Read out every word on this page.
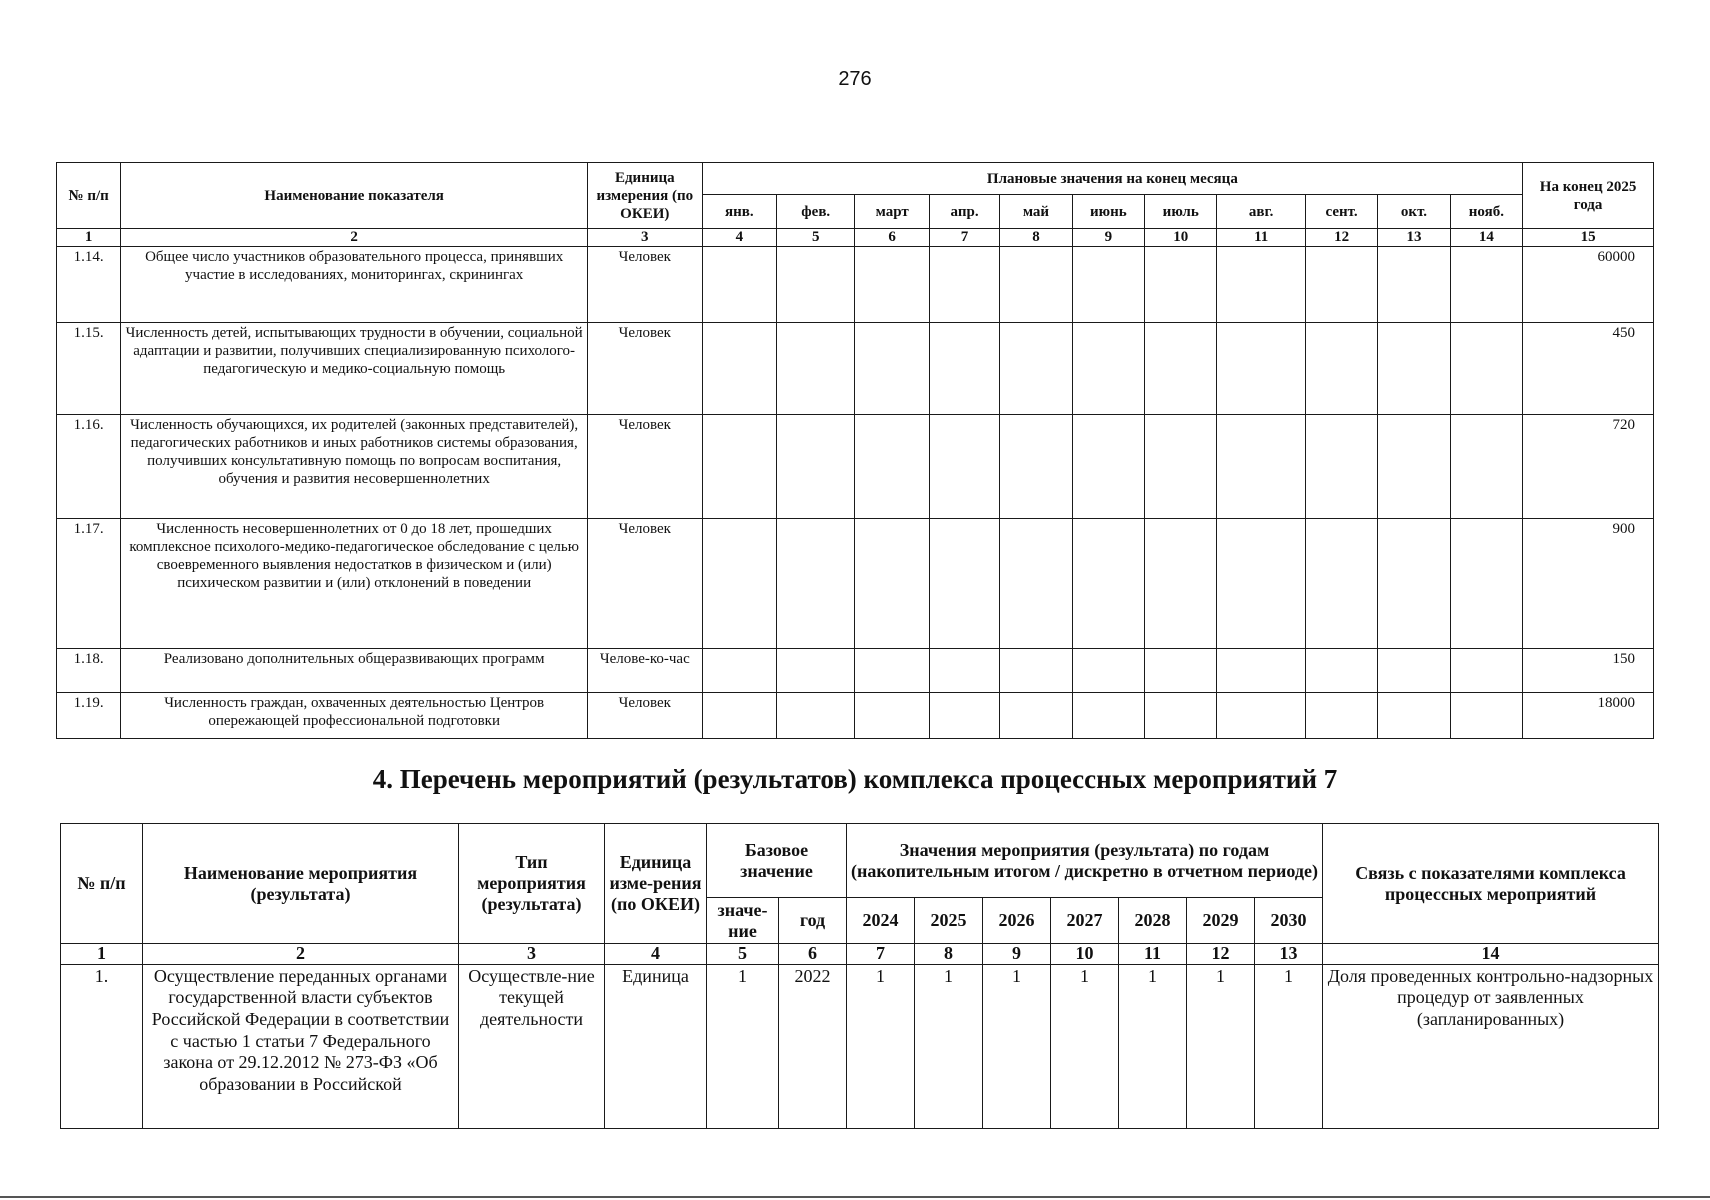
276
№ п/п	Наименование показателя	Единица измерения (по ОКЕИ)	Плановые значения на конец месяца											На конец 2025 года
			янв.	фев.	март	апр.	май	июнь	июль	авг.	сент.	окт.	нояб.	
1	2	3	4	5	6	7	8	9	10	11	12	13	14	15
1.14.	Общее число участников образовательного процесса, принявших участие в исследованиях, мониторингах, скринингах	Человек												60000
1.15.	Численность детей, испытывающих трудности в обучении, социальной адаптации и развитии, получивших специализированную психолого-педагогическую и медико-социальную помощь	Человек												450
1.16.	Численность обучающихся, их родителей (законных представителей), педагогических работников и иных работников системы образования, получивших консультативную помощь по вопросам воспитания, обучения и развития несовершеннолетних	Человек												720
1.17.	Численность несовершеннолетних от 0 до 18 лет, прошедших комплексное психолого-медико-педагогическое обследование с целью своевременного выявления недостатков в физическом и (или) психическом развитии и (или) отклонений в поведении	Человек												900
1.18.	Реализовано дополнительных общеразвивающих программ	Челове-ко-час												150
1.19.	Численность граждан, охваченных деятельностью Центров опережающей профессиональной подготовки	Человек												18000
4. Перечень мероприятий (результатов) комплекса процессных мероприятий 7
№ п/п	Наименование мероприятия (результата)	Тип мероприятия (результата)	Единица изме-рения (по ОКЕИ)	Базовое значение		Значения мероприятия (результата) по годам (накопительным итогом / дискретно в отчетном периоде)							Связь с показателями комплекса процессных мероприятий
				значе-ние	год	2024	2025	2026	2027	2028	2029	2030	
1	2	3	4	5	6	7	8	9	10	11	12	13	14
1.	Осуществление переданных органами государственной власти субъектов Российской Федерации в соответствии с частью 1 статьи 7 Федерального закона от 29.12.2012 № 273-ФЗ «Об образовании в Российской	Осуществле-ние текущей деятельности	Единица	1	2022	1	1	1	1	1	1	1	Доля проведенных контрольно-надзорных процедур от заявленных (запланированных)
